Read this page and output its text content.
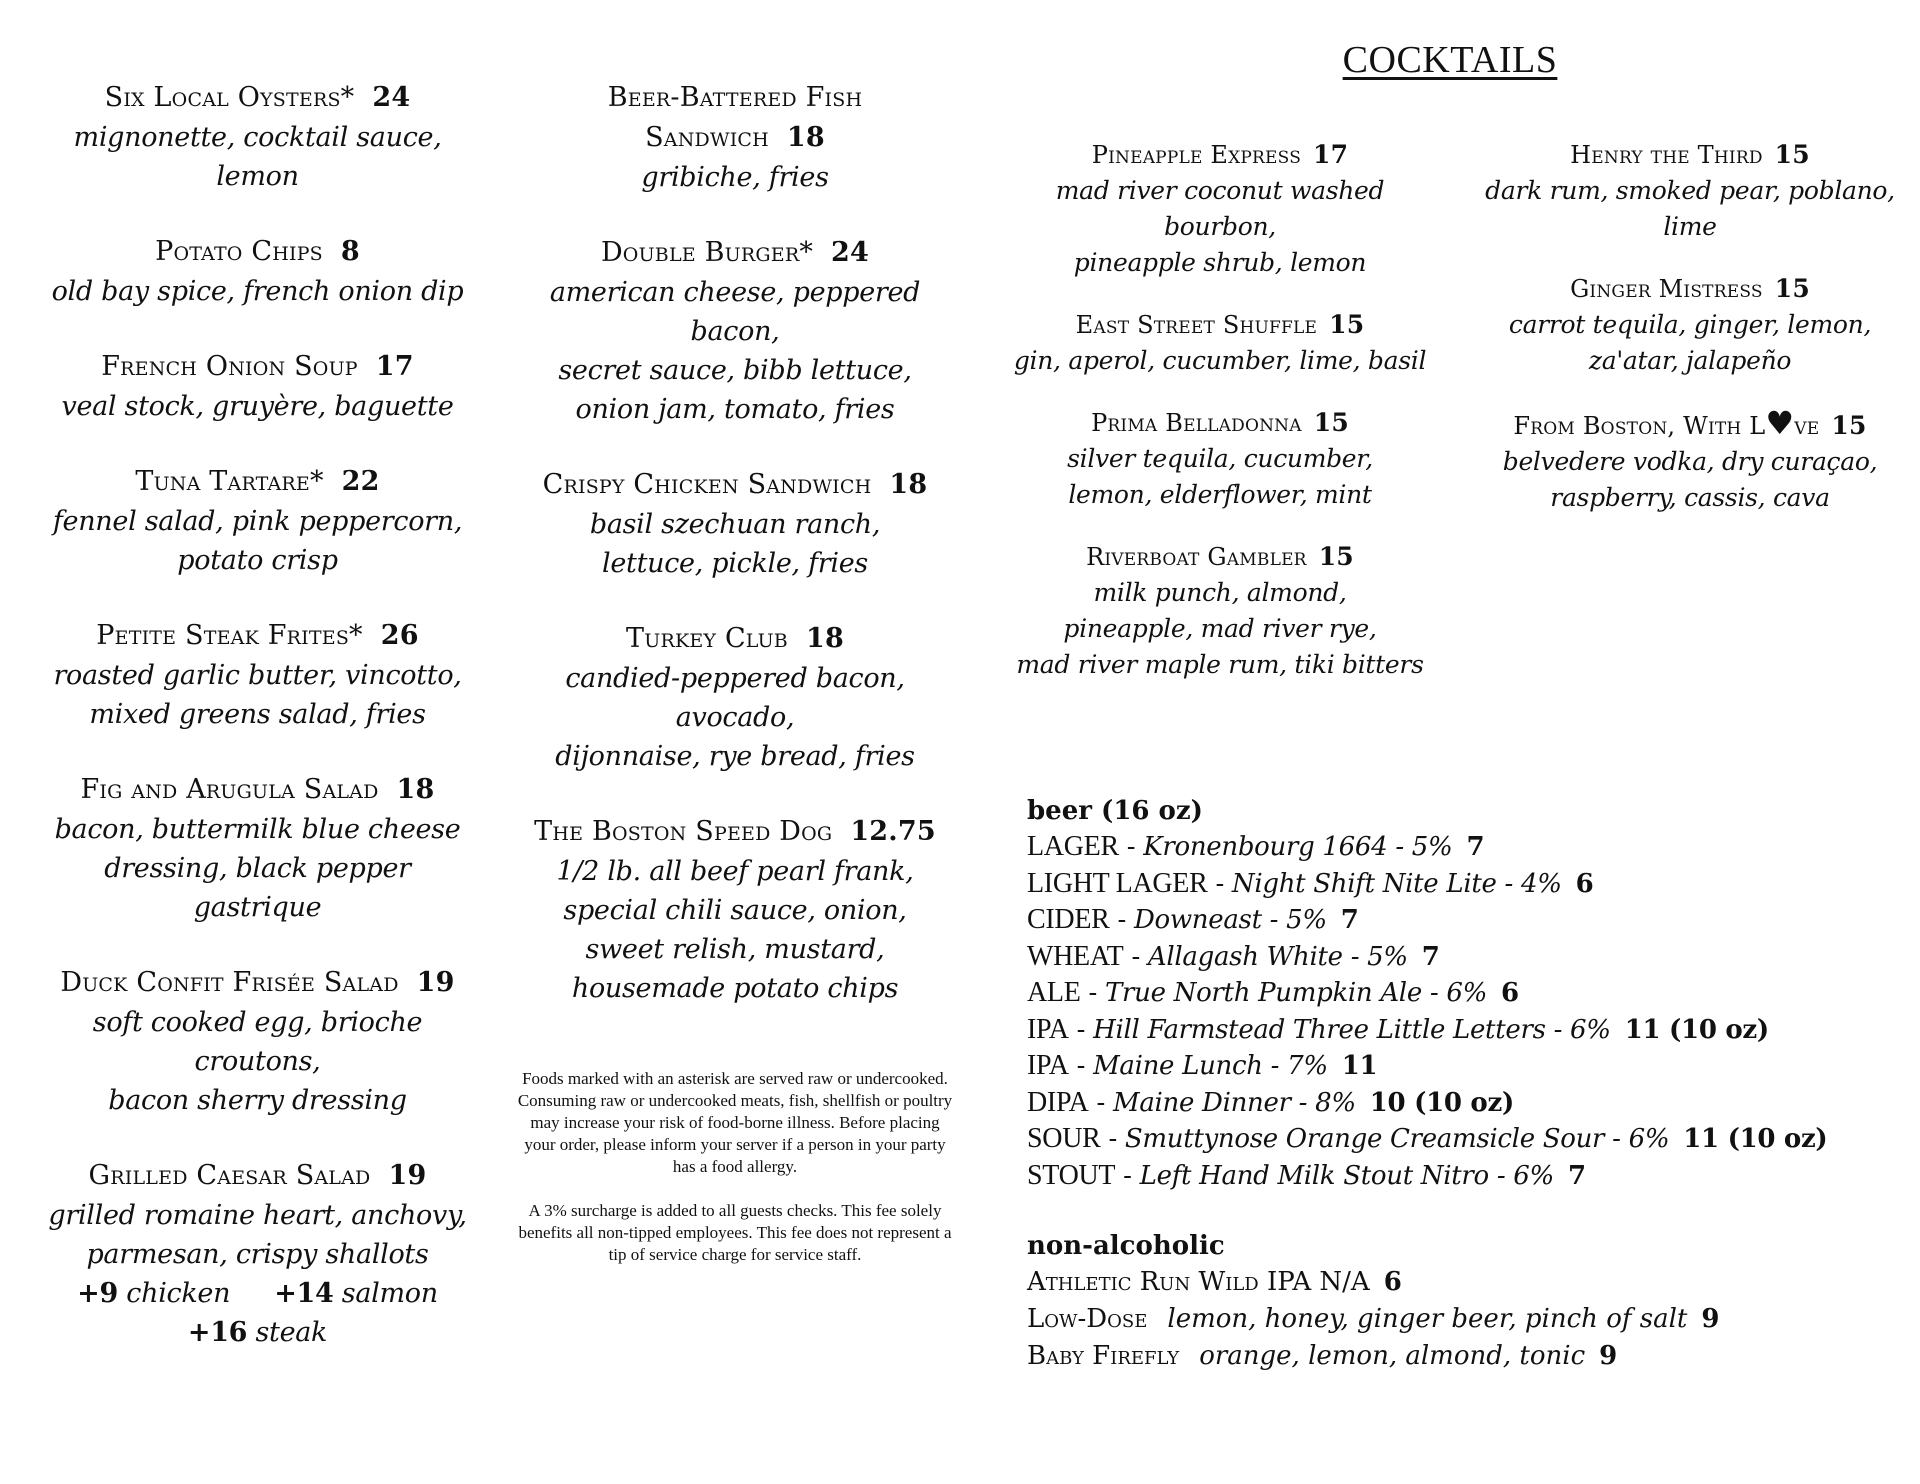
Six Local Oysters* 24
mignonette, cocktail sauce, lemon
Potato Chips 8
old bay spice, french onion dip
French Onion Soup 17
veal stock, gruyère, baguette
Tuna Tartare* 22
fennel salad, pink peppercorn,
potato crisp
Petite Steak Frites* 26
roasted garlic butter, vincotto,
mixed greens salad, fries
Fig and Arugula Salad 18
bacon, buttermilk blue cheese
dressing, black pepper gastrique
Duck Confit Frisée Salad 19
soft cooked egg, brioche croutons,
bacon sherry dressing
Grilled Caesar Salad 19
grilled romaine heart, anchovy,
parmesan, crispy shallots
+9 chicken +14 salmon
+16 steak
Beer-Battered Fish Sandwich 18
gribiche, fries
Double Burger* 24
american cheese, peppered bacon,
secret sauce, bibb lettuce,
onion jam, tomato, fries
Crispy Chicken Sandwich 18
basil szechuan ranch,
lettuce, pickle, fries
Turkey Club 18
candied-peppered bacon, avocado,
dijonnaise, rye bread, fries
The Boston Speed Dog 12.75
1/2 lb. all beef pearl frank,
special chili sauce, onion,
sweet relish, mustard,
housemade potato chips

Foods marked with an asterisk are served raw or undercooked. Consuming raw or undercooked meats, fish, shellfish or poultry may increase your risk of food-borne illness. Before placing your order, please inform your server if a person in your party has a food allergy.

A 3% surcharge is added to all guests checks. This fee solely benefits all non-tipped employees. This fee does not represent a tip of service charge for service staff.

COCKTAILS
Pineapple Express 17
mad river coconut washed bourbon,
pineapple shrub, lemon
East Street Shuffle 15
gin, aperol, cucumber, lime, basil
Prima Belladonna 15
silver tequila, cucumber,
lemon, elderflower, mint
Riverboat Gambler 15
milk punch, almond,
pineapple, mad river rye,
mad river maple rum, tiki bitters
Henry the Third 15
dark rum, smoked pear, poblano, lime
Ginger Mistress 15
carrot tequila, ginger, lemon,
za'atar, jalapeño
From Boston, With L♥ve 15
belvedere vodka, dry curaçao,
raspberry, cassis, cava
beer (16 oz)
LAGER - Kronenbourg 1664 - 5% 7
LIGHT LAGER - Night Shift Nite Lite - 4% 6
CIDER - Downeast - 5% 7
WHEAT - Allagash White - 5% 7
ALE - True North Pumpkin Ale - 6% 6
IPA - Hill Farmstead Three Little Letters - 6% 11 (10 oz)
IPA - Maine Lunch - 7% 11
DIPA - Maine Dinner - 8% 10 (10 oz)
SOUR - Smuttynose Orange Creamsicle Sour - 6% 11 (10 oz)
STOUT - Left Hand Milk Stout Nitro - 6% 7
non-alcoholic
Athletic Run Wild IPA N/A 6
Low-Dose lemon, honey, ginger beer, pinch of salt 9
Baby Firefly orange, lemon, almond, tonic 9
